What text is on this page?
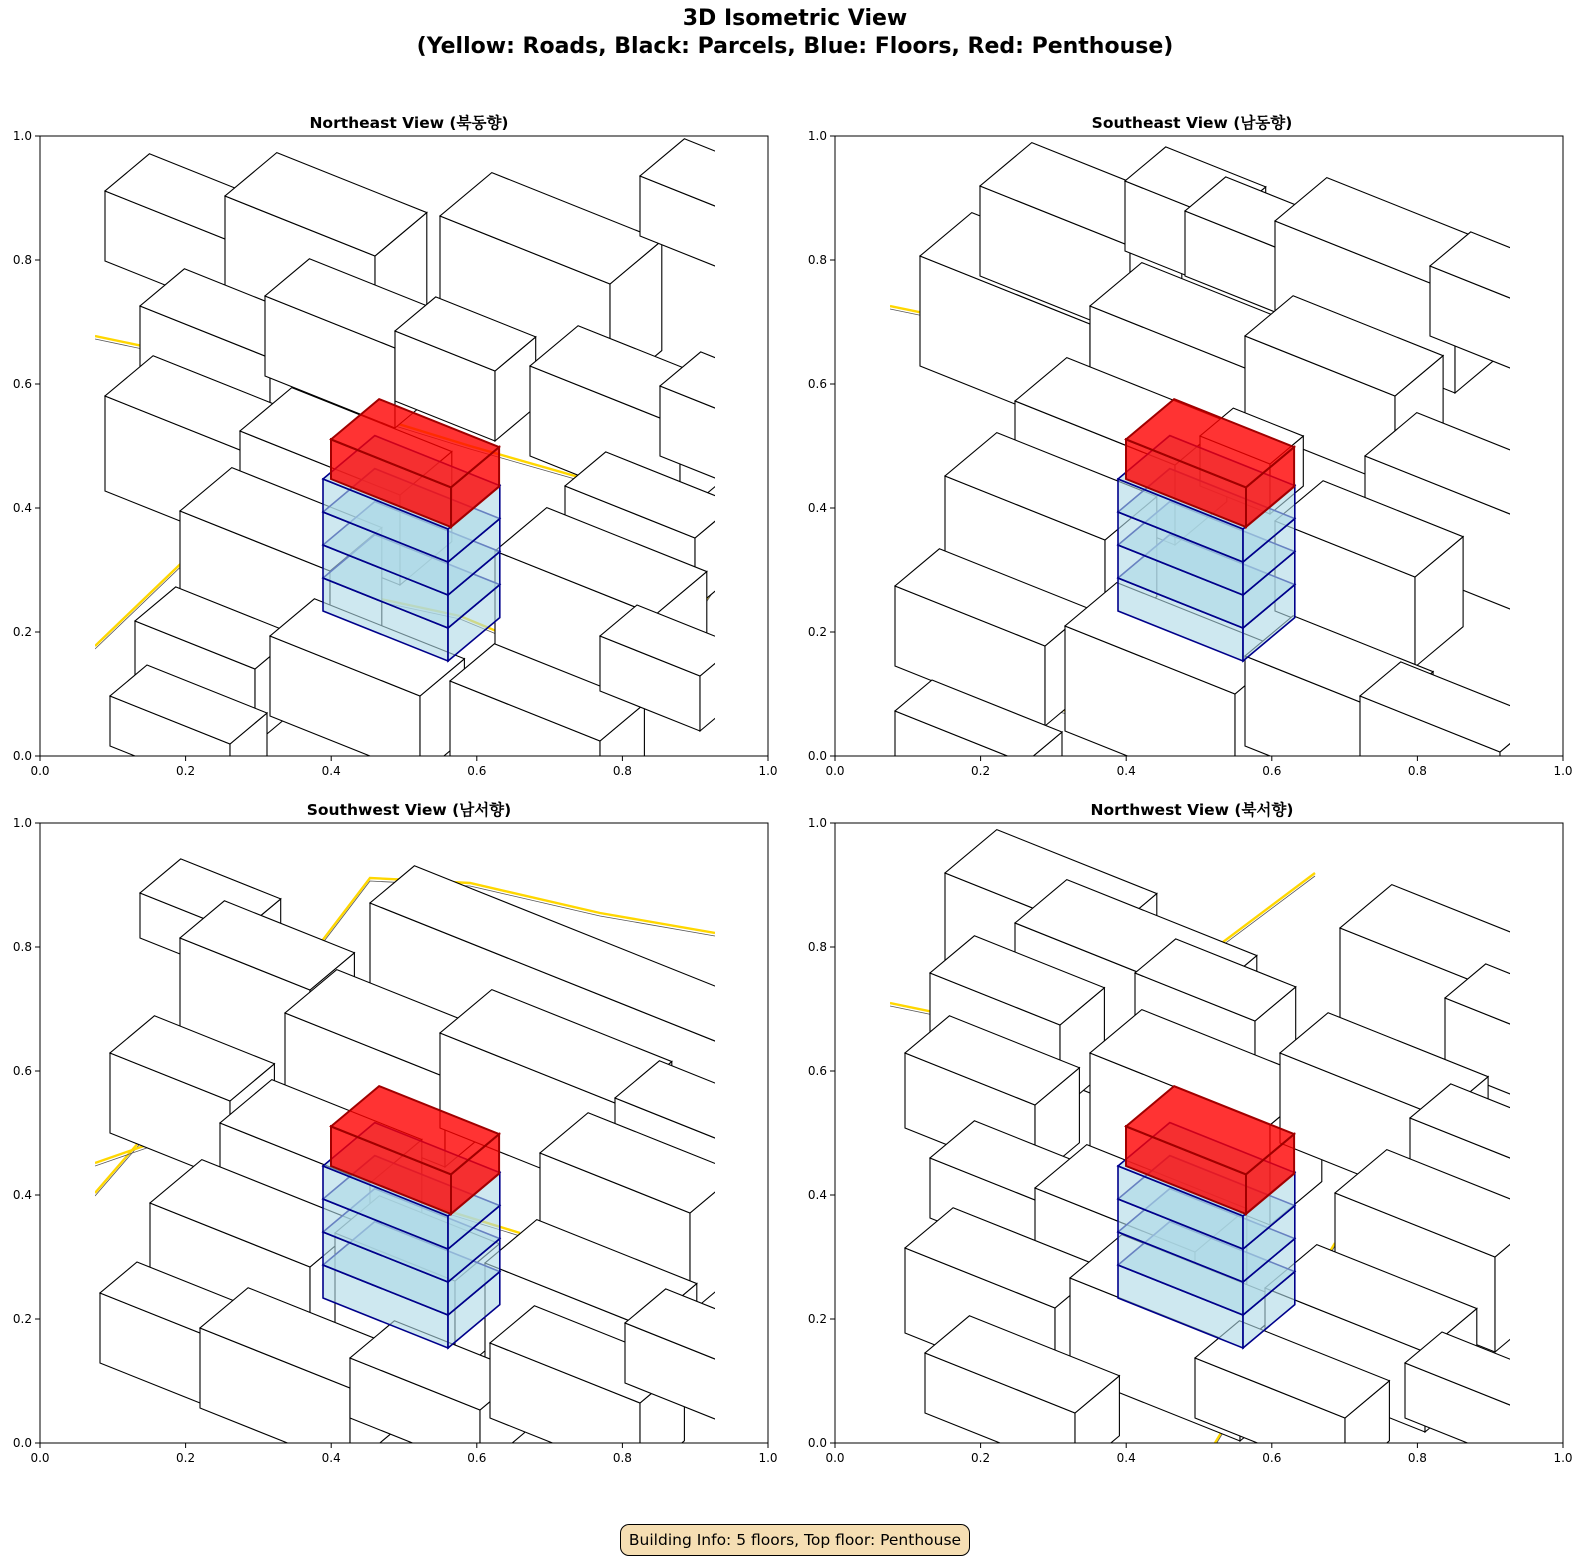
3D Isometric View
(Yellow: Roads, Black: Parcels, Blue: Floors, Red: Penthouse)
Northeast View (북동향)	Southeast View (남동향)
Southwest View (남서향)	Northwest View (북서향)
0.0
0.0
0.2
0.2
0.4
0.4
0.6
0.6
0.8
0.8
1.0
1.0
0.0
0.0
0.2
0.2
0.4
0.4
0.6
0.6
0.8
0.8
1.0
1.0
0.0
0.0
0.2
0.2
0.4
0.4
0.6
0.6
0.8
0.8
1.0
1.0
0.0
0.0
0.2
0.2
0.4
0.4
0.6
0.6
0.8
0.8
1.0
1.0
Building Info: 5 floors, Top floor: Penthouse
